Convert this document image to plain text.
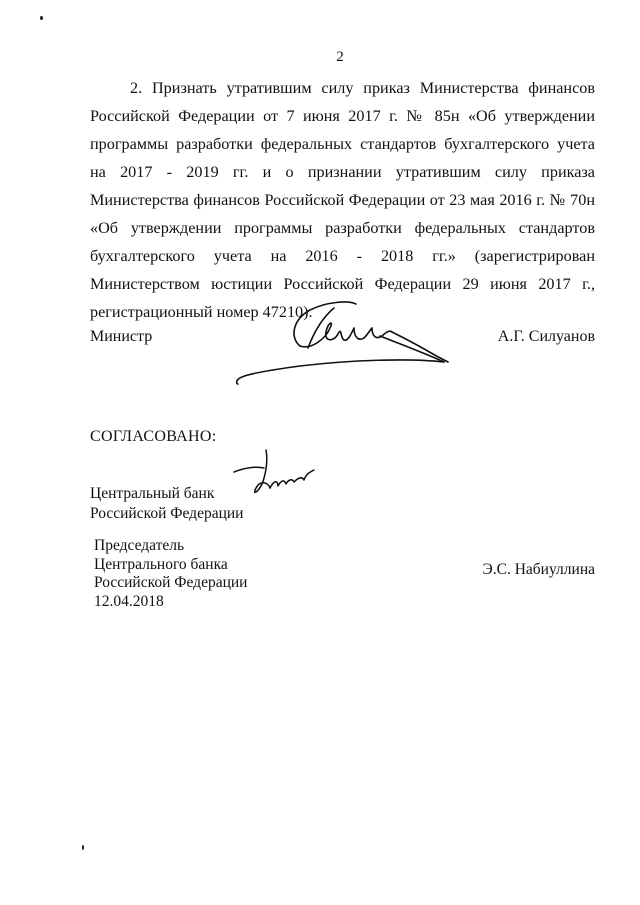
2

2. Признать утратившим силу приказ Министерства финансов Российской Федерации от 7 июня 2017 г. № 85н «Об утверждении программы разработки федеральных стандартов бухгалтерского учета на 2017 - 2019 гг. и о признании утратившим силу приказа Министерства финансов Российской Федерации от 23 мая 2016 г. № 70н «Об утверждении программы разработки федеральных стандартов бухгалтерского учета на 2016 - 2018 гг.» (зарегистрирован Министерством юстиции Российской Федерации 29 июня 2017 г., регистрационный номер 47210).

Министр	А.Г. Силуанов
СОГЛАСОВАНО:
Центральный банк
Российской Федерации
Председатель
Центрального банка
Российской Федерации
12.04.2018
Э.С. Набиуллина
